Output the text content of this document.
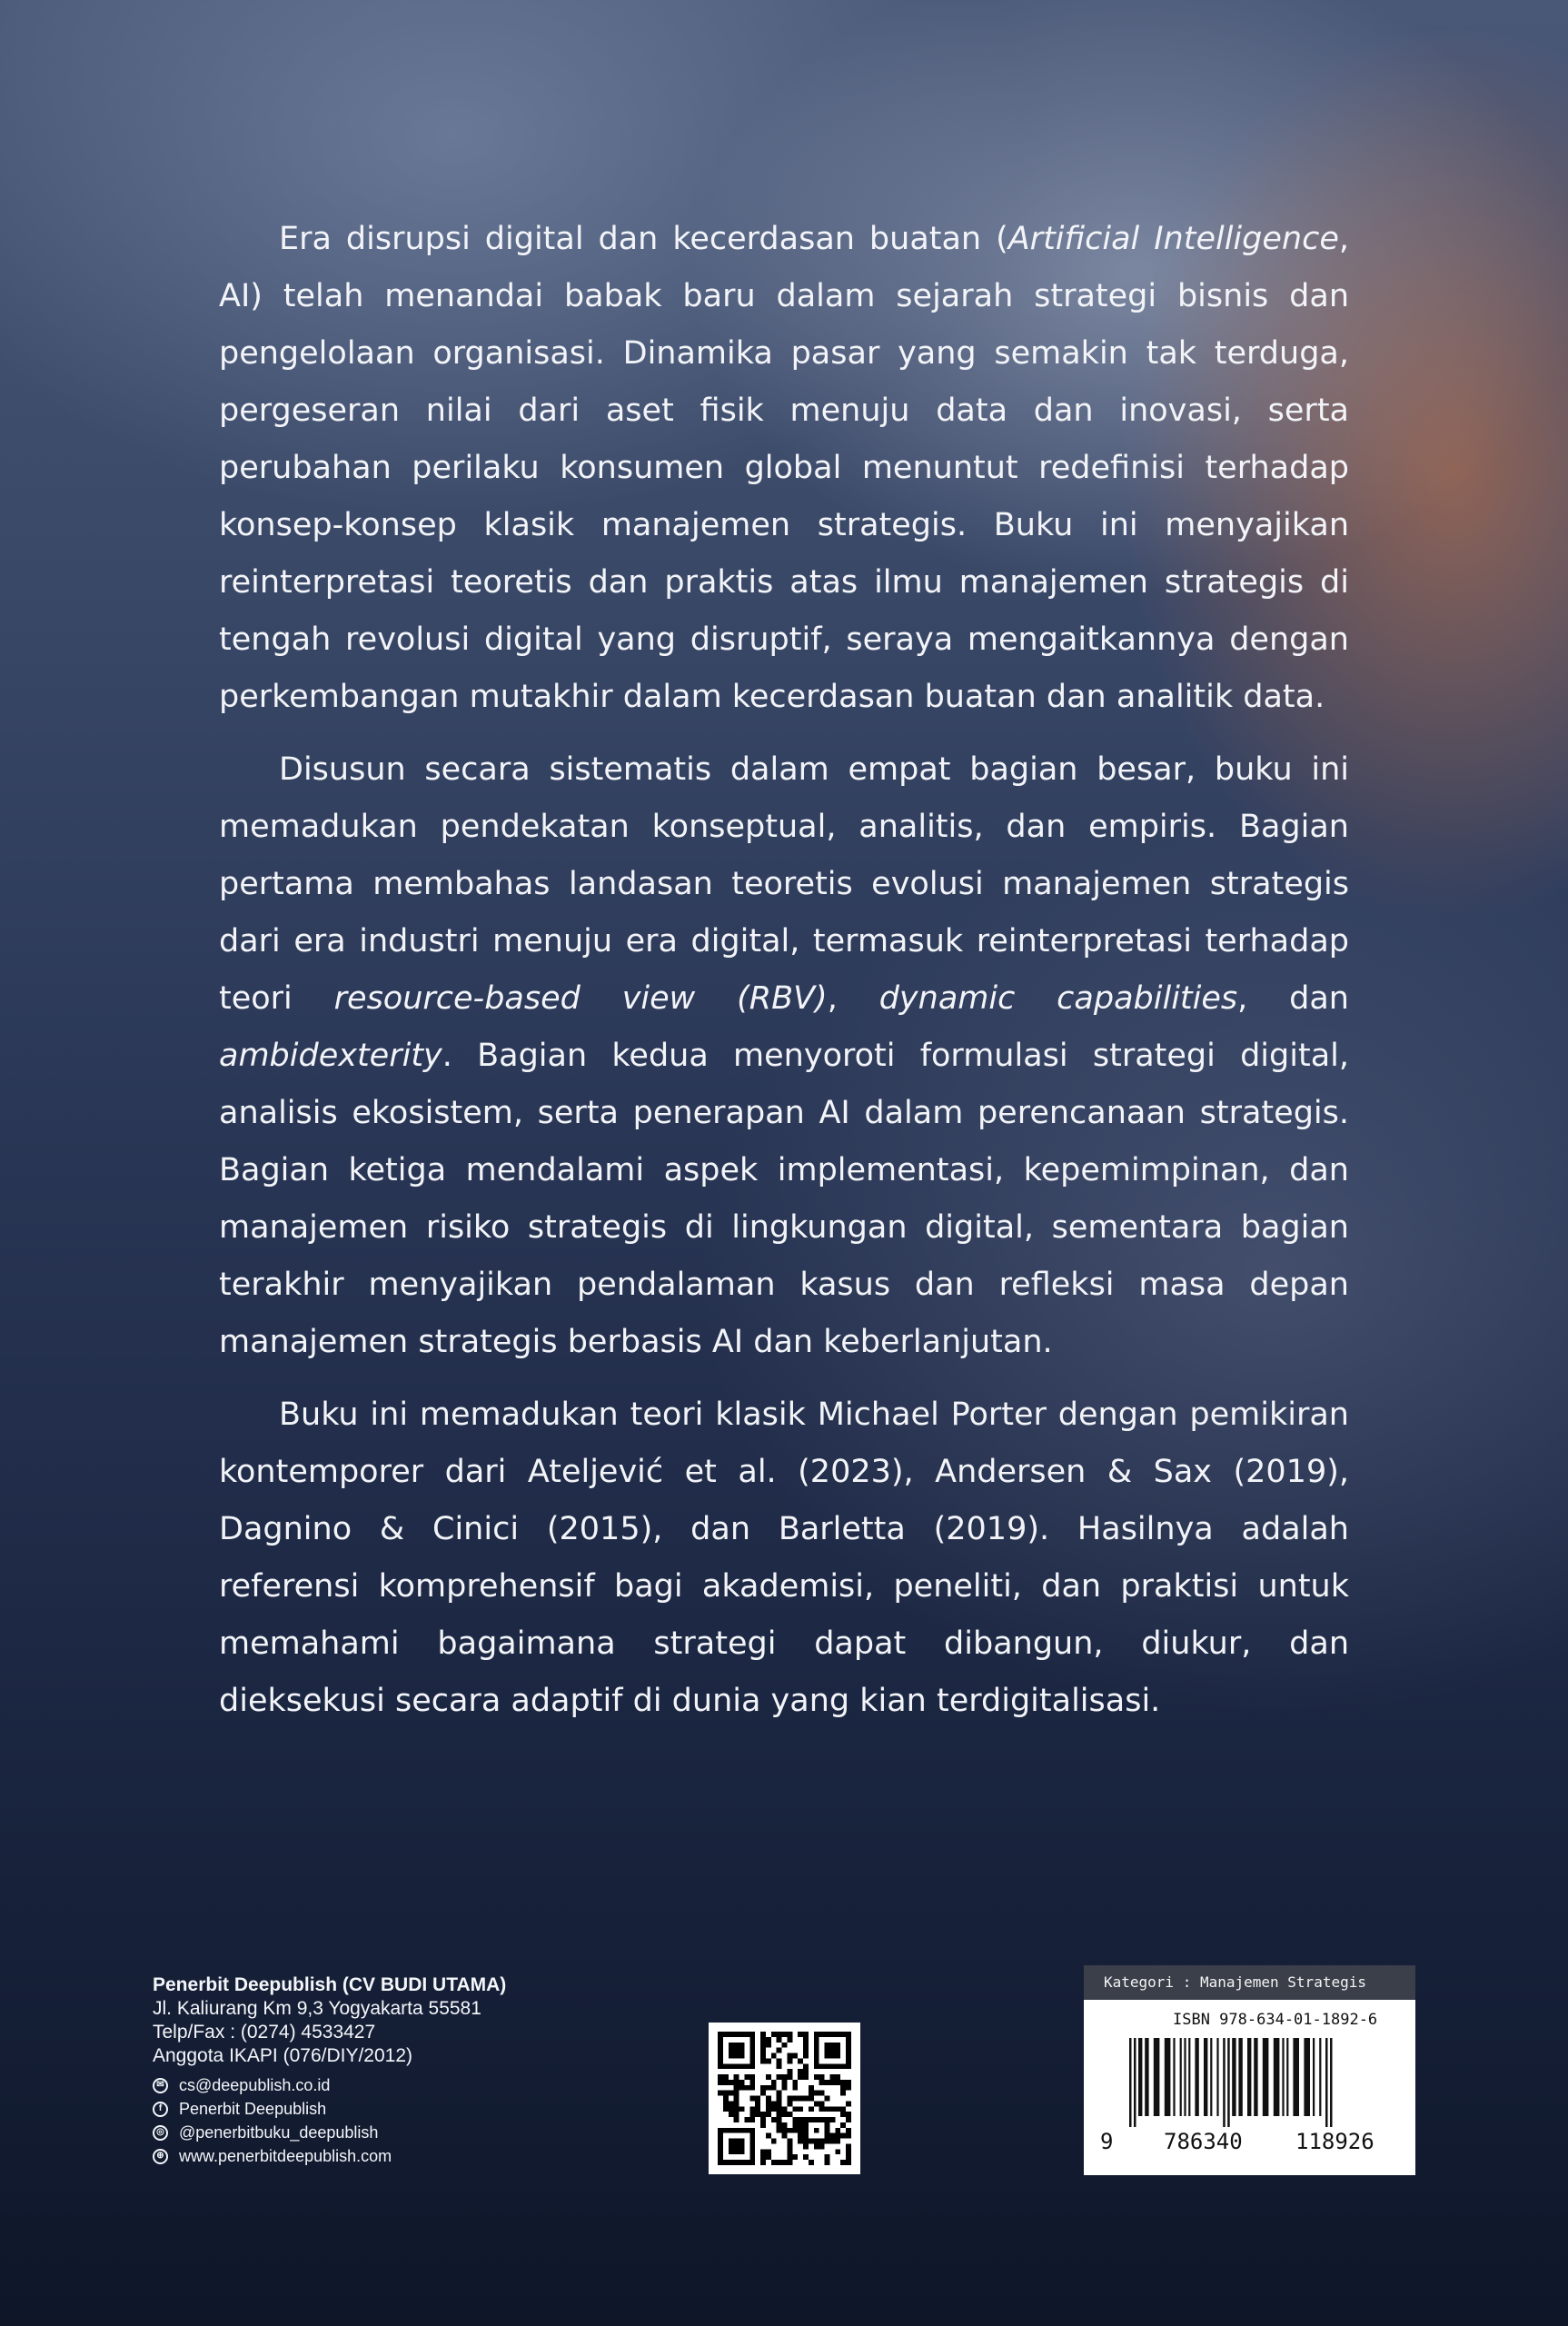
Era disrupsi digital dan kecerdasan buatan (Artificial Intelligence, AI) telah menandai babak baru dalam sejarah strategi bisnis dan pengelolaan organisasi. Dinamika pasar yang semakin tak terduga, pergeseran nilai dari aset fisik menuju data dan inovasi, serta perubahan perilaku konsumen global menuntut redefinisi terhadap konsep-konsep klasik manajemen strategis. Buku ini menyajikan reinterpretasi teoretis dan praktis atas ilmu manajemen strategis di tengah revolusi digital yang disruptif, seraya mengaitkannya dengan perkembangan mutakhir dalam kecerdasan buatan dan analitik data.

Disusun secara sistematis dalam empat bagian besar, buku ini memadukan pendekatan konseptual, analitis, dan empiris. Bagian pertama membahas landasan teoretis evolusi manajemen strategis dari era industri menuju era digital, termasuk reinterpretasi terhadap teori resource-based view (RBV), dynamic capabilities, dan ambidexterity. Bagian kedua menyoroti formulasi strategi digital, analisis ekosistem, serta penerapan AI dalam perencanaan strategis. Bagian ketiga mendalami aspek implementasi, kepemimpinan, dan manajemen risiko strategis di lingkungan digital, sementara bagian terakhir menyajikan pendalaman kasus dan refleksi masa depan manajemen strategis berbasis AI dan keberlanjutan.

Buku ini memadukan teori klasik Michael Porter dengan pemikiran kontemporer dari Ateljević et al. (2023), Andersen & Sax (2019), Dagnino & Cinici (2015), dan Barletta (2019). Hasilnya adalah referensi komprehensif bagi akademisi, peneliti, dan praktisi untuk memahami bagaimana strategi dapat dibangun, diukur, dan dieksekusi secara adaptif di dunia yang kian terdigitalisasi.

Penerbit Deepublish (CV BUDI UTAMA)
Jl. Kaliurang Km 9,3 Yogyakarta 55581
Telp/Fax : (0274) 4533427
Anggota IKAPI (076/DIY/2012)
✉ cs@deepublish.co.id
f	Penerbit Deepublish
◎ @penerbitbuku_deepublish
⊕ www.penerbitdeepublish.com
Kategori : Manajemen Strategis
ISBN 978-634-01-1892-6
9 786340 118926
